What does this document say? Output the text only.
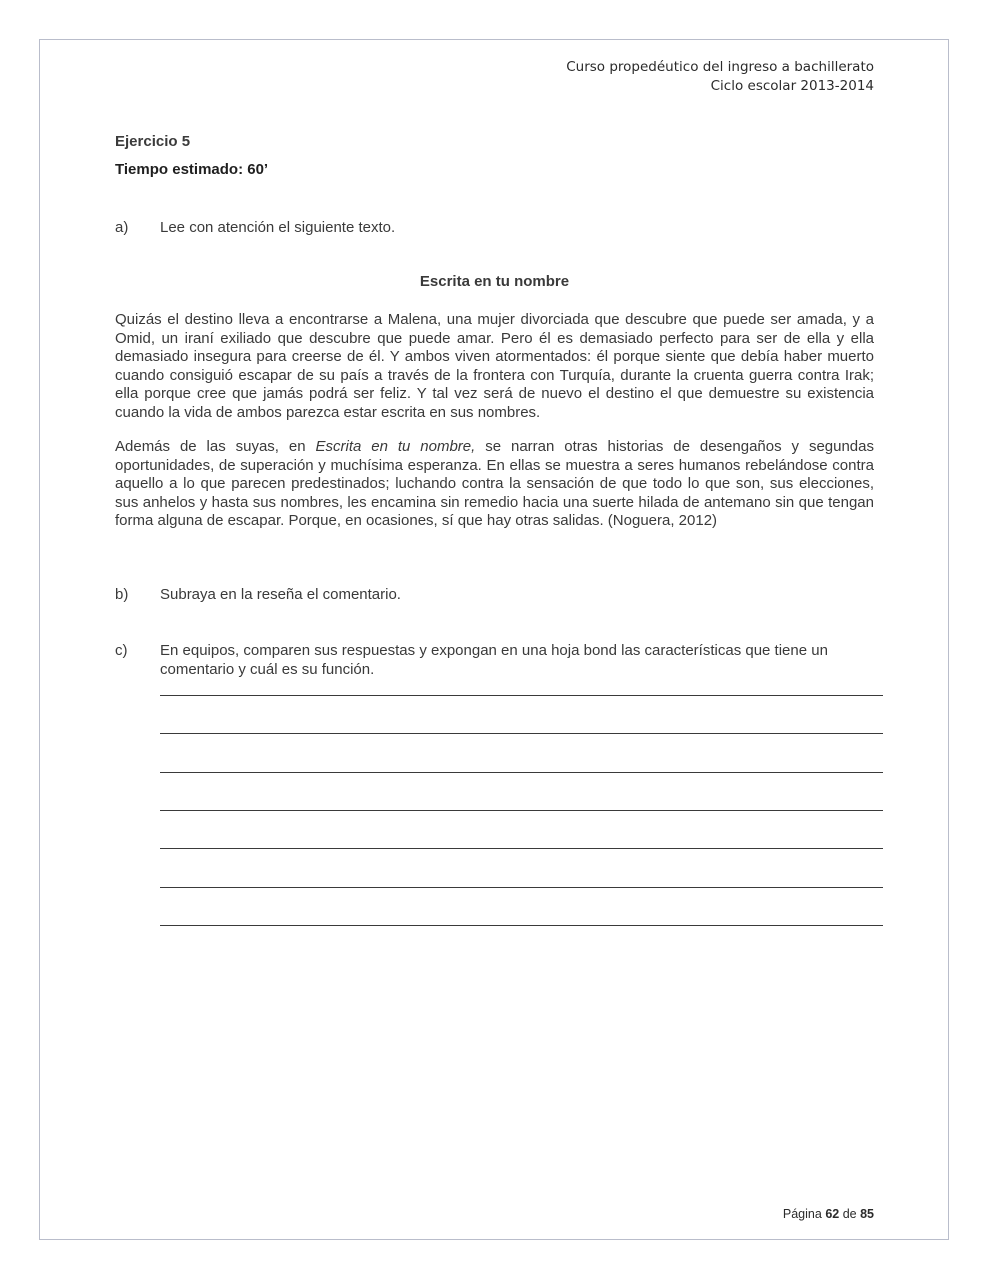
Curso propedéutico del ingreso a bachillerato
Ciclo escolar 2013-2014
Ejercicio 5
Tiempo estimado: 60’
a) Lee con atención el siguiente texto.
Escrita en tu nombre
Quizás el destino lleva a encontrarse a Malena, una mujer divorciada que descubre que puede ser amada, y a Omid, un iraní exiliado que descubre que puede amar. Pero él es demasiado perfecto para ser de ella y ella demasiado insegura para creerse de él. Y ambos viven atormentados: él porque siente que debía haber muerto cuando consiguió escapar de su país a través de la frontera con Turquía, durante la cruenta guerra contra Irak; ella porque cree que jamás podrá ser feliz. Y tal vez será de nuevo el destino el que demuestre su existencia cuando la vida de ambos parezca estar escrita en sus nombres.
Además de las suyas, en Escrita en tu nombre, se narran otras historias de desengaños y segundas oportunidades, de superación y muchísima esperanza. En ellas se muestra a seres humanos rebelándose contra aquello a lo que parecen predestinados; luchando contra la sensación de que todo lo que son, sus elecciones, sus anhelos y hasta sus nombres, les encamina sin remedio hacia una suerte hilada de antemano sin que tengan forma alguna de escapar. Porque, en ocasiones, sí que hay otras salidas. (Noguera, 2012)
b) Subraya en la reseña el comentario.
c) En equipos, comparen sus respuestas y expongan en una hoja bond las características que tiene un comentario y cuál es su función.
Página 62 de 85
